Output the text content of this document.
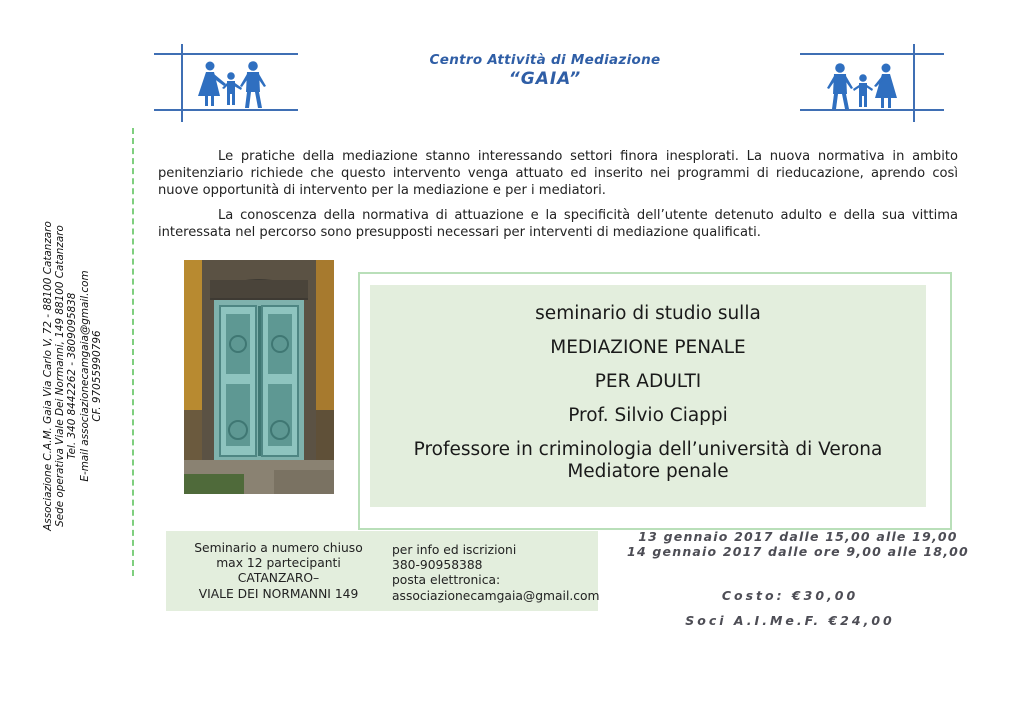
Centro Attività di Mediazione
“GAIA”
Associazione C.A.M. Gaia Via Carlo V, 72 - 88100 Catanzaro Sede operativa Viale Dei Normanni, 149 88100 Catanzaro Tel. 340 8442262 - 3809095838 E-mail associazionecamgaia@gmail.com CF. 97055990796

Le pratiche della mediazione stanno interessando settori finora inesplorati. La nuova normativa in ambito penitenziario richiede che questo intervento venga attuato ed inserito nei programmi di rieducazione, aprendo così nuove opportunità di intervento per la mediazione e per i mediatori.

La conoscenza della normativa di attuazione e la specificità dell’utente detenuto adulto e della sua vittima interessata nel percorso sono presupposti necessari per interventi di mediazione qualificati.

seminario di studio sulla
MEDIAZIONE PENALE
PER ADULTI
Prof. Silvio Ciappi
Professore in criminologia dell’università di Verona
Mediatore penale
Seminario a numero chiuso
max 12 partecipanti
CATANZARO–
VIALE DEI NORMANNI 149
per info ed iscrizioni
380-90958388
posta elettronica:
associazionecamgaia@gmail.com
13 gennaio 2017 dalle 15,00 alle 19,00
14 gennaio 2017 dalle ore 9,00 alle 18,00
Costo: €30,00
Soci A.I.Me.F. €24,00
